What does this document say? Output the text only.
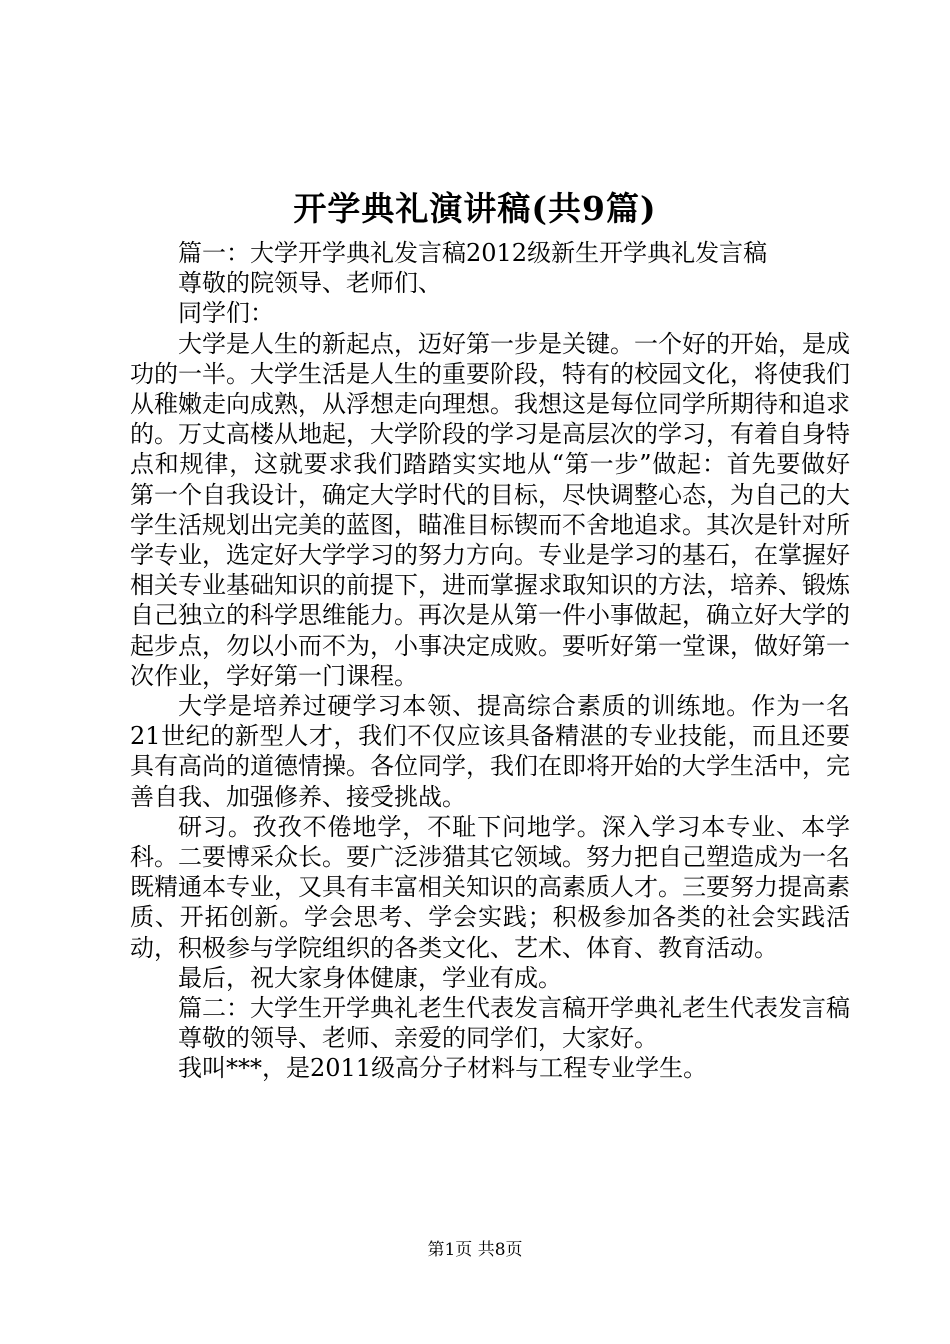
开学典礼演讲稿(共9篇)

篇一：大学开学典礼发言稿2012级新生开学典礼发言稿

尊敬的院领导、老师们、

同学们：

大学是人生的新起点，迈好第一步是关键。一个好的开始，是成功的一半。大学生活是人生的重要阶段，特有的校园文化，将使我们从稚嫩走向成熟，从浮想走向理想。我想这是每位同学所期待和追求的。万丈高楼从地起，大学阶段的学习是高层次的学习，有着自身特点和规律，这就要求我们踏踏实实地从“第一步”做起：首先要做好第一个自我设计，确定大学时代的目标，尽快调整心态，为自己的大学生活规划出完美的蓝图，瞄准目标锲而不舍地追求。其次是针对所学专业，选定好大学学习的努力方向。专业是学习的基石，在掌握好相关专业基础知识的前提下，进而掌握求取知识的方法，培养、锻炼自己独立的科学思维能力。再次是从第一件小事做起，确立好大学的起步点，勿以小而不为，小事决定成败。要听好第一堂课，做好第一次作业，学好第一门课程。

大学是培养过硬学习本领、提高综合素质的训练地。作为一名21世纪的新型人才，我们不仅应该具备精湛的专业技能，而且还要具有高尚的道德情操。各位同学，我们在即将开始的大学生活中，完善自我、加强修养、接受挑战。

研习。孜孜不倦地学，不耻下问地学。深入学习本专业、本学科。二要博采众长。要广泛涉猎其它领域。努力把自己塑造成为一名既精通本专业，又具有丰富相关知识的高素质人才。三要努力提高素质、开拓创新。学会思考、学会实践；积极参加各类的社会实践活动，积极参与学院组织的各类文化、艺术、体育、教育活动。

最后，祝大家身体健康，学业有成。

篇二：大学生开学典礼老生代表发言稿开学典礼老生代表发言稿

尊敬的领导、老师、亲爱的同学们，大家好。

我叫***，是2011级高分子材料与工程专业学生。

第1页 共8页
